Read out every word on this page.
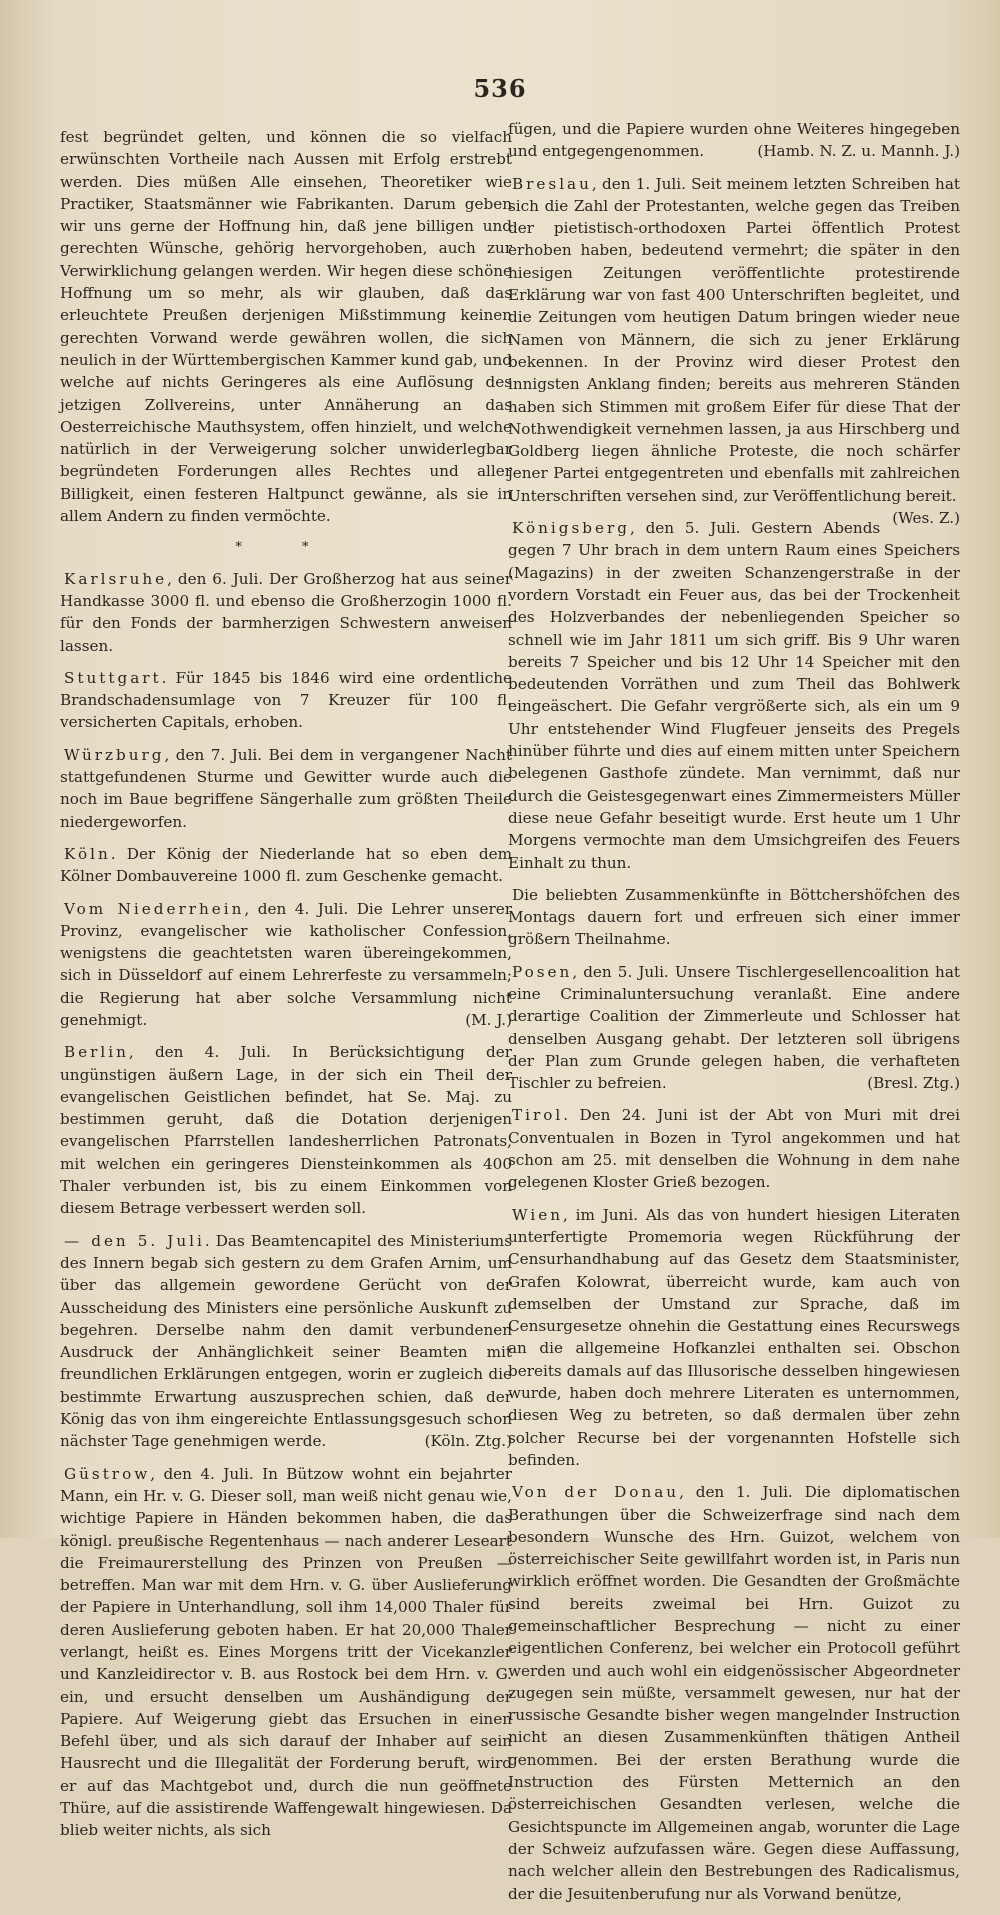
536

fest begründet gelten, und können die so vielfach erwünschten Vortheile nach Aussen mit Erfolg erstrebt werden. Dies müßen Alle einsehen, Theoretiker wie Practiker, Staatsmänner wie Fabrikanten. Darum geben wir uns gerne der Hoffnung hin, daß jene billigen und gerechten Wünsche, gehörig hervorgehoben, auch zur Verwirklichung gelangen werden. Wir hegen diese schöne Hoffnung um so mehr, als wir glauben, daß das erleuchtete Preußen derjenigen Mißstimmung keinen gerechten Vorwand werde gewähren wollen, die sich neulich in der Württembergischen Kammer kund gab, und welche auf nichts Geringeres als eine Auflösung des jetzigen Zollvereins, unter Annäherung an das Oesterreichische Mauthsystem, offen hinzielt, und welche natürlich in der Verweigerung solcher unwiderlegbar begründeten Forderungen alles Rechtes und aller Billigkeit, einen festeren Haltpunct gewänne, als sie in allem Andern zu finden vermöchte.

* *

Karlsruhe, den 6. Juli. Der Großherzog hat aus seiner Handkasse 3000 fl. und ebenso die Großherzogin 1000 fl. für den Fonds der barmherzigen Schwestern anweisen lassen.

Stuttgart. Für 1845 bis 1846 wird eine ordentliche Brandschadensumlage von 7 Kreuzer für 100 fl. versicherten Capitals, erhoben.

Würzburg, den 7. Juli. Bei dem in vergangener Nacht stattgefundenen Sturme und Gewitter wurde auch die noch im Baue begriffene Sängerhalle zum größten Theile niedergeworfen.

Köln. Der König der Niederlande hat so eben dem Kölner Dombauvereine 1000 fl. zum Geschenke gemacht.

Vom Niederrhein, den 4. Juli. Die Lehrer unserer Provinz, evangelischer wie katholischer Confession, wenigstens die geachtetsten waren übereingekommen, sich in Düsseldorf auf einem Lehrerfeste zu versammeln; die Regierung hat aber solche Versammlung nicht genehmigt.	(M. J.)

Berlin, den 4. Juli. In Berücksichtigung der ungünstigen äußern Lage, in der sich ein Theil der evangelischen Geistlichen befindet, hat Se. Maj. zu bestimmen geruht, daß die Dotation derjenigen evangelischen Pfarrstellen landesherrlichen Patronats, mit welchen ein geringeres Diensteinkommen als 400 Thaler verbunden ist, bis zu einem Einkommen von diesem Betrage verbessert werden soll.

— den 5. Juli. Das Beamtencapitel des Ministeriums des Innern begab sich gestern zu dem Grafen Arnim, um über das allgemein gewordene Gerücht von der Ausscheidung des Ministers eine persönliche Auskunft zu begehren. Derselbe nahm den damit verbundenen Ausdruck der Anhänglichkeit seiner Beamten mit freundlichen Erklärungen entgegen, worin er zugleich die bestimmte Erwartung auszusprechen schien, daß der König das von ihm eingereichte Entlassungsgesuch schon nächster Tage genehmigen werde.	(Köln. Ztg.)

Güstrow, den 4. Juli. In Bützow wohnt ein bejahrter Mann, ein Hr. v. G. Dieser soll, man weiß nicht genau wie, wichtige Papiere in Händen bekommen haben, die das königl. preußische Regentenhaus — nach anderer Leseart die Freimaurerstellung des Prinzen von Preußen — betreffen. Man war mit dem Hrn. v. G. über Auslieferung der Papiere in Unterhandlung, soll ihm 14,000 Thaler für deren Auslieferung geboten haben. Er hat 20,000 Thaler verlangt, heißt es. Eines Morgens tritt der Vicekanzler und Kanzleidirector v. B. aus Rostock bei dem Hrn. v. G. ein, und ersucht denselben um Aushändigung der Papiere. Auf Weigerung giebt das Ersuchen in einen Befehl über, und als sich darauf der Inhaber auf sein Hausrecht und die Illegalität der Forderung beruft, wird er auf das Machtgebot und, durch die nun geöffnete Thüre, auf die assistirende Waffengewalt hingewiesen. Da blieb weiter nichts, als sich

fügen, und die Papiere wurden ohne Weiteres hingegeben und entgegengenommen.	(Hamb. N. Z. u. Mannh. J.)

Breslau, den 1. Juli. Seit meinem letzten Schreiben hat sich die Zahl der Protestanten, welche gegen das Treiben der pietistisch-orthodoxen Partei öffentlich Protest erhoben haben, bedeutend vermehrt; die später in den hiesigen Zeitungen veröffentlichte protestirende Erklärung war von fast 400 Unterschriften begleitet, und die Zeitungen vom heutigen Datum bringen wieder neue Namen von Männern, die sich zu jener Erklärung bekennen. In der Provinz wird dieser Protest den innigsten Anklang finden; bereits aus mehreren Ständen haben sich Stimmen mit großem Eifer für diese That der Nothwendigkeit vernehmen lassen, ja aus Hirschberg und Goldberg liegen ähnliche Proteste, die noch schärfer jener Partei entgegentreten und ebenfalls mit zahlreichen Unterschriften versehen sind, zur Veröffentlichung bereit.
(Wes. Z.)

Königsberg, den 5. Juli. Gestern Abends gegen 7 Uhr brach in dem untern Raum eines Speichers (Magazins) in der zweiten Schanzengerstraße in der vordern Vorstadt ein Feuer aus, das bei der Trockenheit des Holzverbandes der nebenliegenden Speicher so schnell wie im Jahr 1811 um sich griff. Bis 9 Uhr waren bereits 7 Speicher und bis 12 Uhr 14 Speicher mit den bedeutenden Vorräthen und zum Theil das Bohlwerk eingeäschert. Die Gefahr vergrößerte sich, als ein um 9 Uhr entstehender Wind Flugfeuer jenseits des Pregels hinüber führte und dies auf einem mitten unter Speichern belegenen Gasthofe zündete. Man vernimmt, daß nur durch die Geistesgegenwart eines Zimmermeisters Müller diese neue Gefahr beseitigt wurde. Erst heute um 1 Uhr Morgens vermochte man dem Umsichgreifen des Feuers Einhalt zu thun.

Die beliebten Zusammenkünfte in Böttchershöfchen des Montags dauern fort und erfreuen sich einer immer größern Theilnahme.

Posen, den 5. Juli. Unsere Tischlergesellencoalition hat eine Criminaluntersuchung veranlaßt. Eine andere derartige Coalition der Zimmerleute und Schlosser hat denselben Ausgang gehabt. Der letzteren soll übrigens der Plan zum Grunde gelegen haben, die verhafteten Tischler zu befreien.	(Bresl. Ztg.)

Tirol. Den 24. Juni ist der Abt von Muri mit drei Conventualen in Bozen in Tyrol angekommen und hat schon am 25. mit denselben die Wohnung in dem nahe gelegenen Kloster Grieß bezogen.

Wien, im Juni. Als das von hundert hiesigen Literaten unterfertigte Promemoria wegen Rückführung der Censurhandhabung auf das Gesetz dem Staatsminister, Grafen Kolowrat, überreicht wurde, kam auch von demselben der Umstand zur Sprache, daß im Censurgesetze ohnehin die Gestattung eines Recurswegs an die allgemeine Hofkanzlei enthalten sei. Obschon bereits damals auf das Illusorische desselben hingewiesen wurde, haben doch mehrere Literaten es unternommen, diesen Weg zu betreten, so daß dermalen über zehn solcher Recurse bei der vorgenannten Hofstelle sich befinden.

Von der Donau, den 1. Juli. Die diplomatischen Berathungen über die Schweizerfrage sind nach dem besondern Wunsche des Hrn. Guizot, welchem von österreichischer Seite gewillfahrt worden ist, in Paris nun wirklich eröffnet worden. Die Gesandten der Großmächte sind bereits zweimal bei Hrn. Guizot zu gemeinschaftlicher Besprechung — nicht zu einer eigentlichen Conferenz, bei welcher ein Protocoll geführt werden und auch wohl ein eidgenössischer Abgeordneter zugegen sein müßte, versammelt gewesen, nur hat der russische Gesandte bisher wegen mangelnder Instruction nicht an diesen Zusammenkünften thätigen Antheil genommen. Bei der ersten Berathung wurde die Instruction des Fürsten Metternich an den österreichischen Gesandten verlesen, welche die Gesichtspuncte im Allgemeinen angab, worunter die Lage der Schweiz aufzufassen wäre. Gegen diese Auffassung, nach welcher allein den Bestrebungen des Radicalismus, der die Jesuitenberufung nur als Vorwand benütze,
